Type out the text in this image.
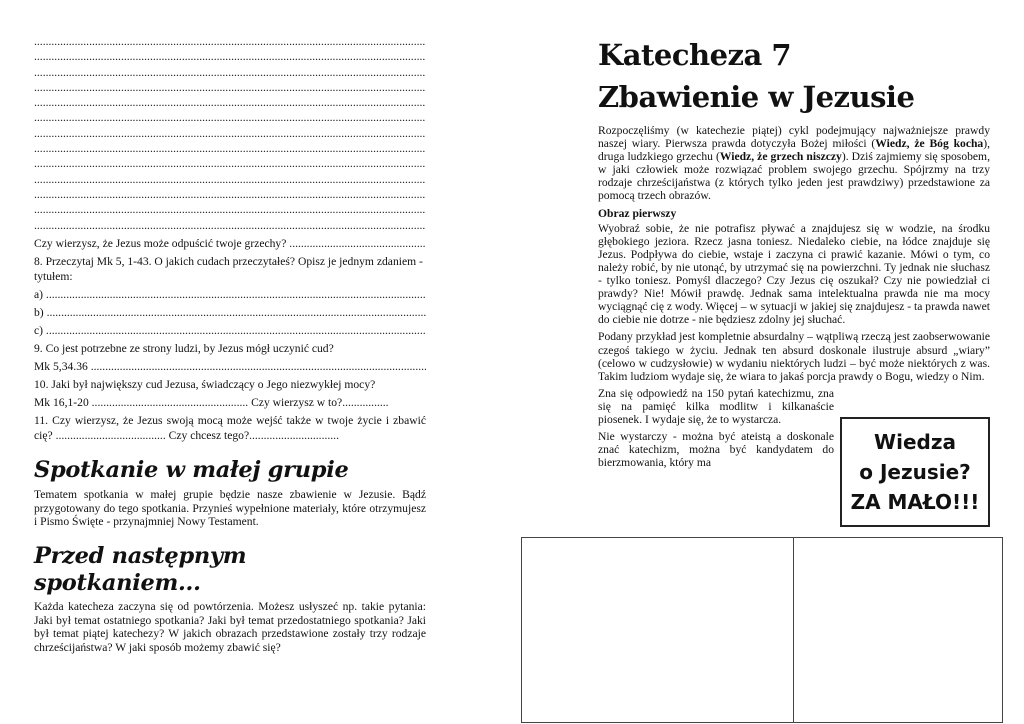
.....
.....
.....
.....
.....
.....
.....
.....
.....
.....
.....
.....
.....
Czy wierzysz, że Jezus może odpuścić twoje grzechy? .....

8. Przeczytaj Mk 5, 1-43. O jakich cudach przeczytałeś? Opisz je jednym zdaniem - tytułem:

a) .....
b) .....
c) .....

9. Co jest potrzebne ze strony ludzi, by Jezus mógł uczynić cud?

Mk 5,34.36 .....

10. Jaki był największy cud Jezusa, świadczący o Jego niezwykłej mocy?

Mk 16,1-20 ...................................................... Czy wierzysz w to?................

11. Czy wierzysz, że Jezus swoją mocą może wejść także w twoje życie i zbawić cię? ...................................... Czy chcesz tego?...............................

Spotkanie w małej grupie

Tematem spotkania w małej grupie będzie nasze zbawienie w Jezusie. Bądź przygotowany do tego spotkania. Przynieś wypełnione materiały, które otrzymujesz i Pismo Święte - przynajmniej Nowy Testament.

Przed następnym
spotkaniem...

Każda katecheza zaczyna się od powtórzenia. Możesz usłyszeć np. takie pytania: Jaki był temat ostatniego spotkania? Jaki był temat przedostatniego spotkania? Jaki był temat piątej katechezy? W jakich obrazach przedstawione zostały trzy rodzaje chrześcijaństwa? W jaki sposób możemy zbawić się?

Katecheza 7
Zbawienie w Jezusie

Rozpoczęliśmy (w katechezie piątej) cykl podejmujący najważniejsze prawdy naszej wiary. Pierwsza prawda dotyczyła Bożej miłości (Wiedz, że Bóg kocha), druga ludzkiego grzechu (Wiedz, że grzech niszczy). Dziś zajmiemy się sposobem, w jaki człowiek może rozwiązać problem swojego grzechu. Spójrzmy na trzy rodzaje chrześcijaństwa (z których tylko jeden jest prawdziwy) przedstawione za pomocą trzech obrazów.

Obraz pierwszy

Wyobraź sobie, że nie potrafisz pływać a znajdujesz się w wodzie, na środku głębokiego jeziora. Rzecz jasna toniesz. Niedaleko ciebie, na łódce znajduje się Jezus. Podpływa do ciebie, wstaje i zaczyna ci prawić kazanie. Mówi o tym, co należy robić, by nie utonąć, by utrzymać się na powierzchni. Ty jednak nie słuchasz - tylko toniesz. Pomyśl dlaczego? Czy Jezus cię oszukał? Czy nie powiedział ci prawdy? Nie! Mówił prawdę. Jednak sama intelektualna prawda nie ma mocy wyciągnąć cię z wody. Więcej – w sytuacji w jakiej się znajdujesz - ta prawda nawet do ciebie nie dotrze - nie będziesz zdolny jej słuchać.

Podany przykład jest kompletnie absurdalny – wątpliwą rzeczą jest zaobserwowanie czegoś takiego w życiu. Jednak ten absurd doskonale ilustruje absurd „wiary” (celowo w cudzysłowie) w wydaniu niektórych ludzi – być może niektórych z was. Takim ludziom wydaje się, że wiara to jakaś porcja prawdy o Bogu, wiedzy o Nim.

Zna się odpowiedź na 150 pytań katechizmu, zna się na pamięć kilka modlitw i kilkanaście piosenek. I wydaje się, że to wystarcza.

Nie wystarczy - można być ateistą a doskonale znać katechizm, można być kandydatem do bierzmowania, który ma

Wiedza
o Jezusie?
ZA MAŁO!!!
